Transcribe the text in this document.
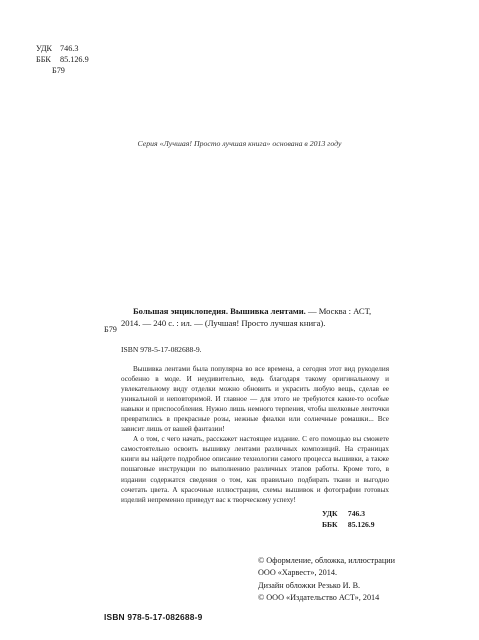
УДК 746.3
ББК 85.126.9
Б79
Серия «Лучшая! Просто лучшая книга» основана в 2013 году
Б79
Большая энциклопедия. Вышивка лентами. — Москва : АСТ, 2014. — 240 с. : ил. — (Лучшая! Просто лучшая книга).
ISBN 978-5-17-082688-9.

Вышивка лентами была популярна во все времена, а сегодня этот вид рукоделия особенно в моде. И неудивительно, ведь благодаря такому оригинальному и увлекательному виду отделки можно обновить и украсить любую вещь, сделав ее уникальной и неповторимой. И главное — для этого не требуются какие-то особые навыки и приспособления. Нужно лишь немного терпения, чтобы шелковые ленточки превратились в прекрасные розы, нежные фиалки или солнечные ромашки... Все зависит лишь от вашей фантазии!

А о том, с чего начать, расскажет настоящее издание. С его помощью вы сможете самостоятельно освоить вышивку лентами различных композиций. На страницах книги вы найдете подробное описание технологии самого процесса вышивки, а также пошаговые инструкции по выполнению различных этапов работы. Кроме того, в издании содержатся сведения о том, как правильно подбирать ткани и выгодно сочетать цвета. А красочные иллюстрации, схемы вышивок и фотографии готовых изделий непременно приведут вас к творческому успеху!

УДК 746.3
ББК 85.126.9
© Оформление, обложка, иллюстрации
ООО «Харвест», 2014.
Дизайн обложки Резько И. В.
© ООО «Издательство АСТ», 2014
ISBN 978-5-17-082688-9
